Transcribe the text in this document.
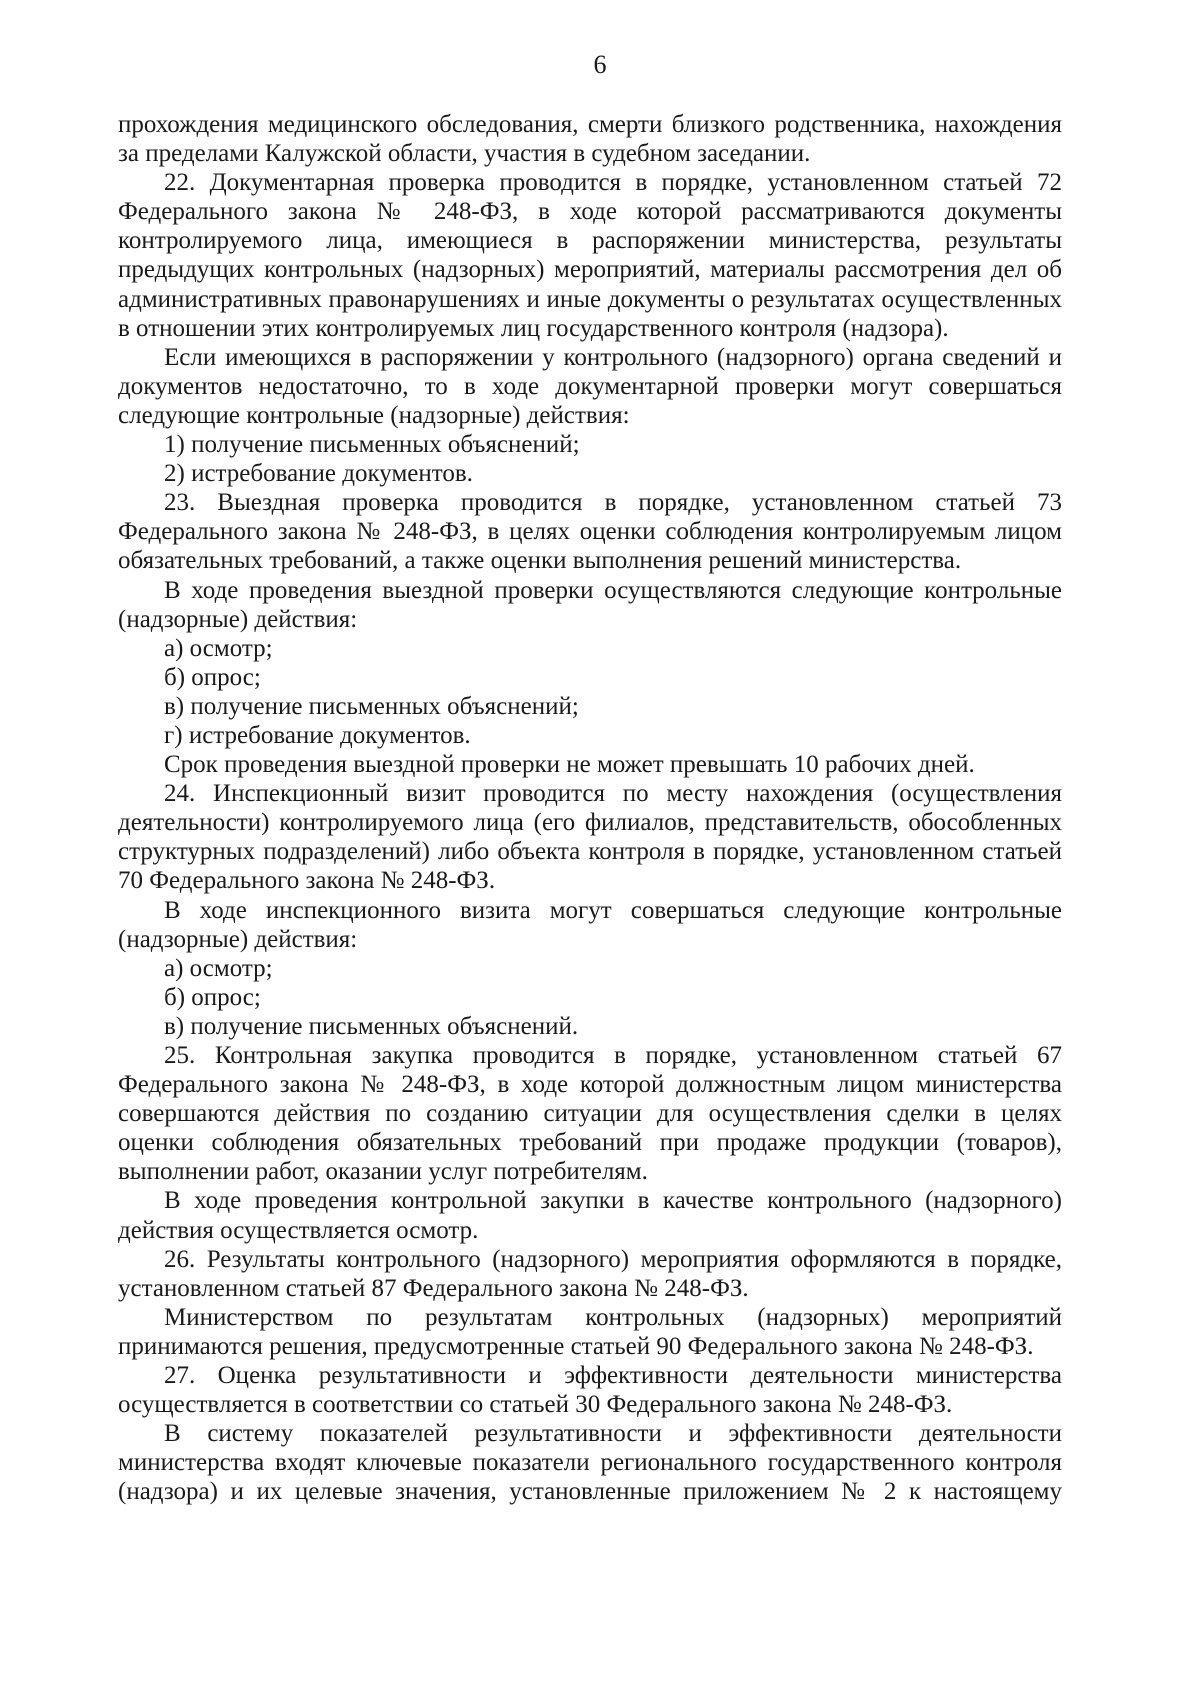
6

прохождения медицинского обследования, смерти близкого родственника, нахождения за пределами Калужской области, участия в судебном заседании.

22. Документарная проверка проводится в порядке, установленном статьей 72 Федерального закона № 248-ФЗ, в ходе которой рассматриваются документы контролируемого лица, имеющиеся в распоряжении министерства, результаты предыдущих контрольных (надзорных) мероприятий, материалы рассмотрения дел об административных правонарушениях и иные документы о результатах осуществленных в отношении этих контролируемых лиц государственного контроля (надзора).

Если имеющихся в распоряжении у контрольного (надзорного) органа сведений и документов недостаточно, то в ходе документарной проверки могут совершаться следующие контрольные (надзорные) действия:

1) получение письменных объяснений;

2) истребование документов.

23. Выездная проверка проводится в порядке, установленном статьей 73 Федерального закона № 248-ФЗ, в целях оценки соблюдения контролируемым лицом обязательных требований, а также оценки выполнения решений министерства.

В ходе проведения выездной проверки осуществляются следующие контрольные (надзорные) действия:

а) осмотр;

б) опрос;

в) получение письменных объяснений;

г) истребование документов.

Срок проведения выездной проверки не может превышать 10 рабочих дней.

24. Инспекционный визит проводится по месту нахождения (осуществления деятельности) контролируемого лица (его филиалов, представительств, обособленных структурных подразделений) либо объекта контроля в порядке, установленном статьей 70 Федерального закона № 248-ФЗ.

В ходе инспекционного визита могут совершаться следующие контрольные (надзорные) действия:

а) осмотр;

б) опрос;

в) получение письменных объяснений.

25. Контрольная закупка проводится в порядке, установленном статьей 67 Федерального закона № 248-ФЗ, в ходе которой должностным лицом министерства совершаются действия по созданию ситуации для осуществления сделки в целях оценки соблюдения обязательных требований при продаже продукции (товаров), выполнении работ, оказании услуг потребителям.

В ходе проведения контрольной закупки в качестве контрольного (надзорного) действия осуществляется осмотр.

26. Результаты контрольного (надзорного) мероприятия оформляются в порядке, установленном статьей 87 Федерального закона № 248-ФЗ.

Министерством по результатам контрольных (надзорных) мероприятий принимаются решения, предусмотренные статьей 90 Федерального закона № 248-ФЗ.

27. Оценка результативности и эффективности деятельности министерства осуществляется в соответствии со статьей 30 Федерального закона № 248-ФЗ.

В систему показателей результативности и эффективности деятельности министерства входят ключевые показатели регионального государственного контроля (надзора) и их целевые значения, установленные приложением № 2 к настоящему
